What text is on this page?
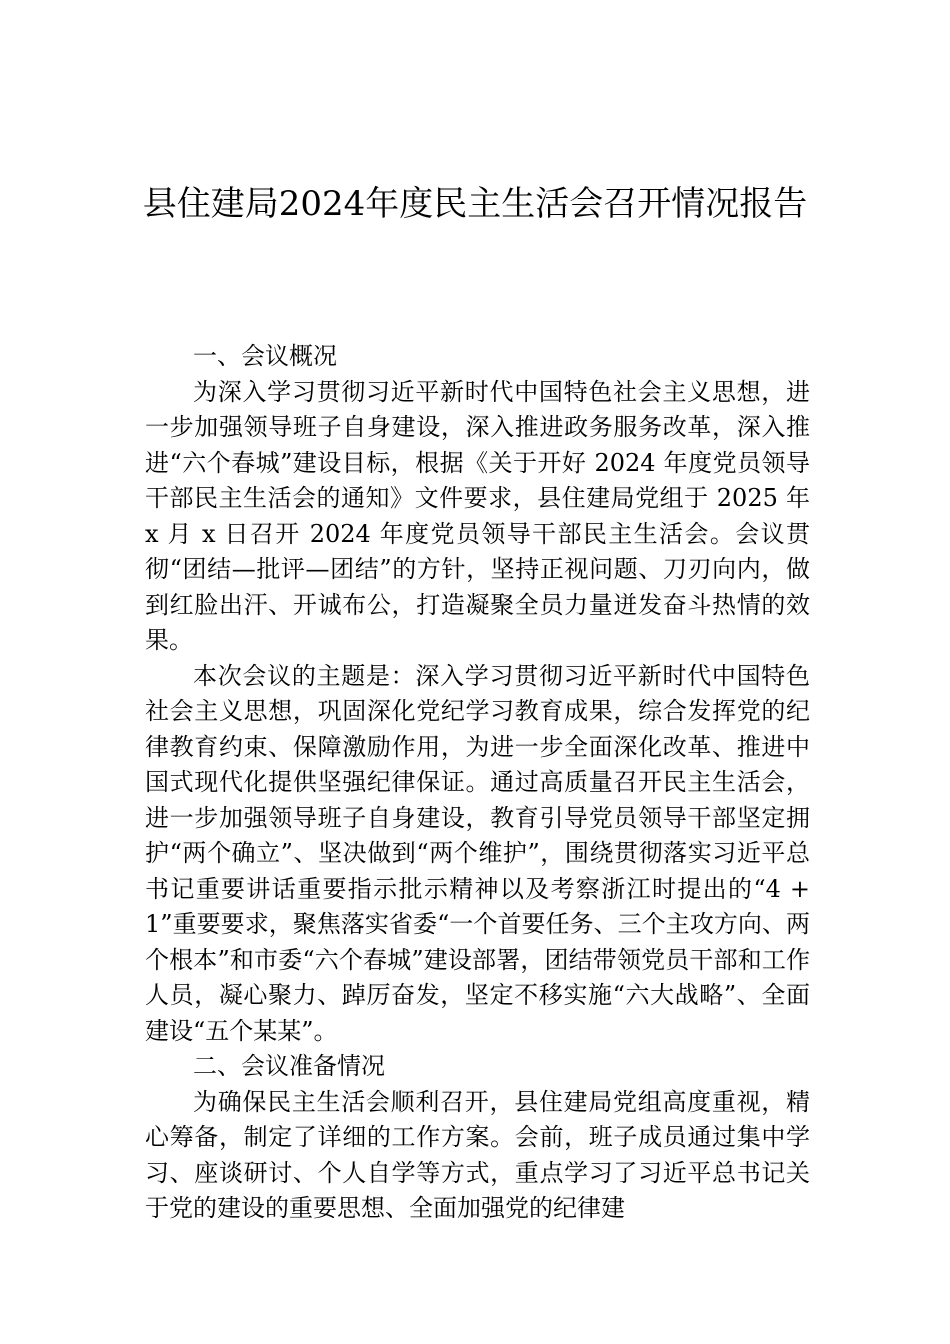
县住建局2024年度民主生活会召开情况报告
一、会议概况

为深入学习贯彻习近平新时代中国特色社会主义思想，进一步加强领导班子自身建设，深入推进政务服务改革，深入推进“六个春城”建设目标，根据《关于开好 2024 年度党员领导干部民主生活会的通知》文件要求，县住建局党组于 2025 年 x 月 x 日召开 2024 年度党员领导干部民主生活会。会议贯彻“团结—批评—团结”的方针，坚持正视问题、刀刃向内，做到红脸出汗、开诚布公，打造凝聚全员力量迸发奋斗热情的效果。

本次会议的主题是：深入学习贯彻习近平新时代中国特色社会主义思想，巩固深化党纪学习教育成果，综合发挥党的纪律教育约束、保障激励作用，为进一步全面深化改革、推进中国式现代化提供坚强纪律保证。通过高质量召开民主生活会，进一步加强领导班子自身建设，教育引导党员领导干部坚定拥护“两个确立”、坚决做到“两个维护”，围绕贯彻落实习近平总书记重要讲话重要指示批示精神以及考察浙江时提出的“4 + 1”重要要求，聚焦落实省委“一个首要任务、三个主攻方向、两个根本”和市委“六个春城”建设部署，团结带领党员干部和工作人员，凝心聚力、踔厉奋发，坚定不移实施“六大战略”、全面建设“五个某某”。

二、会议准备情况

为确保民主生活会顺利召开，县住建局党组高度重视，精心筹备，制定了详细的工作方案。会前，班子成员通过集中学习、座谈研讨、个人自学等方式，重点学习了习近平总书记关于党的建设的重要思想、全面加强党的纪律建
